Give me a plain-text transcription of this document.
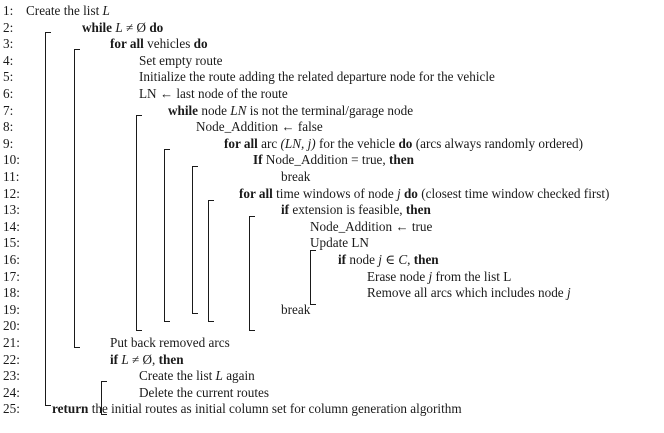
1: Create the list L
2:	while L ≠ Ø do
3:	for all vehicles do
4:	Set empty route
5:	Initialize the route adding the related departure node for the vehicle
6:	LN ← last node of the route
7:	while node LN is not the terminal/garage node
8:	Node_Addition ← false
9:	for all arc (LN, j) for the vehicle do (arcs always randomly ordered)
10:	If Node_Addition = true, then
11:	break
12:	for all time windows of node j do (closest time window checked first)
13:	if extension is feasible, then
14:	Node_Addition ← true
15:	Update LN
16:	if node j ∈ C, then
17:	Erase node j from the list L
18:	Remove all arcs which includes node j
19:	break
20:
21:	Put back removed arcs
22:	if L ≠ Ø, then
23:	Create the list L again
24:	Delete the current routes
25:	return the initial routes as initial column set for column generation algorithm
